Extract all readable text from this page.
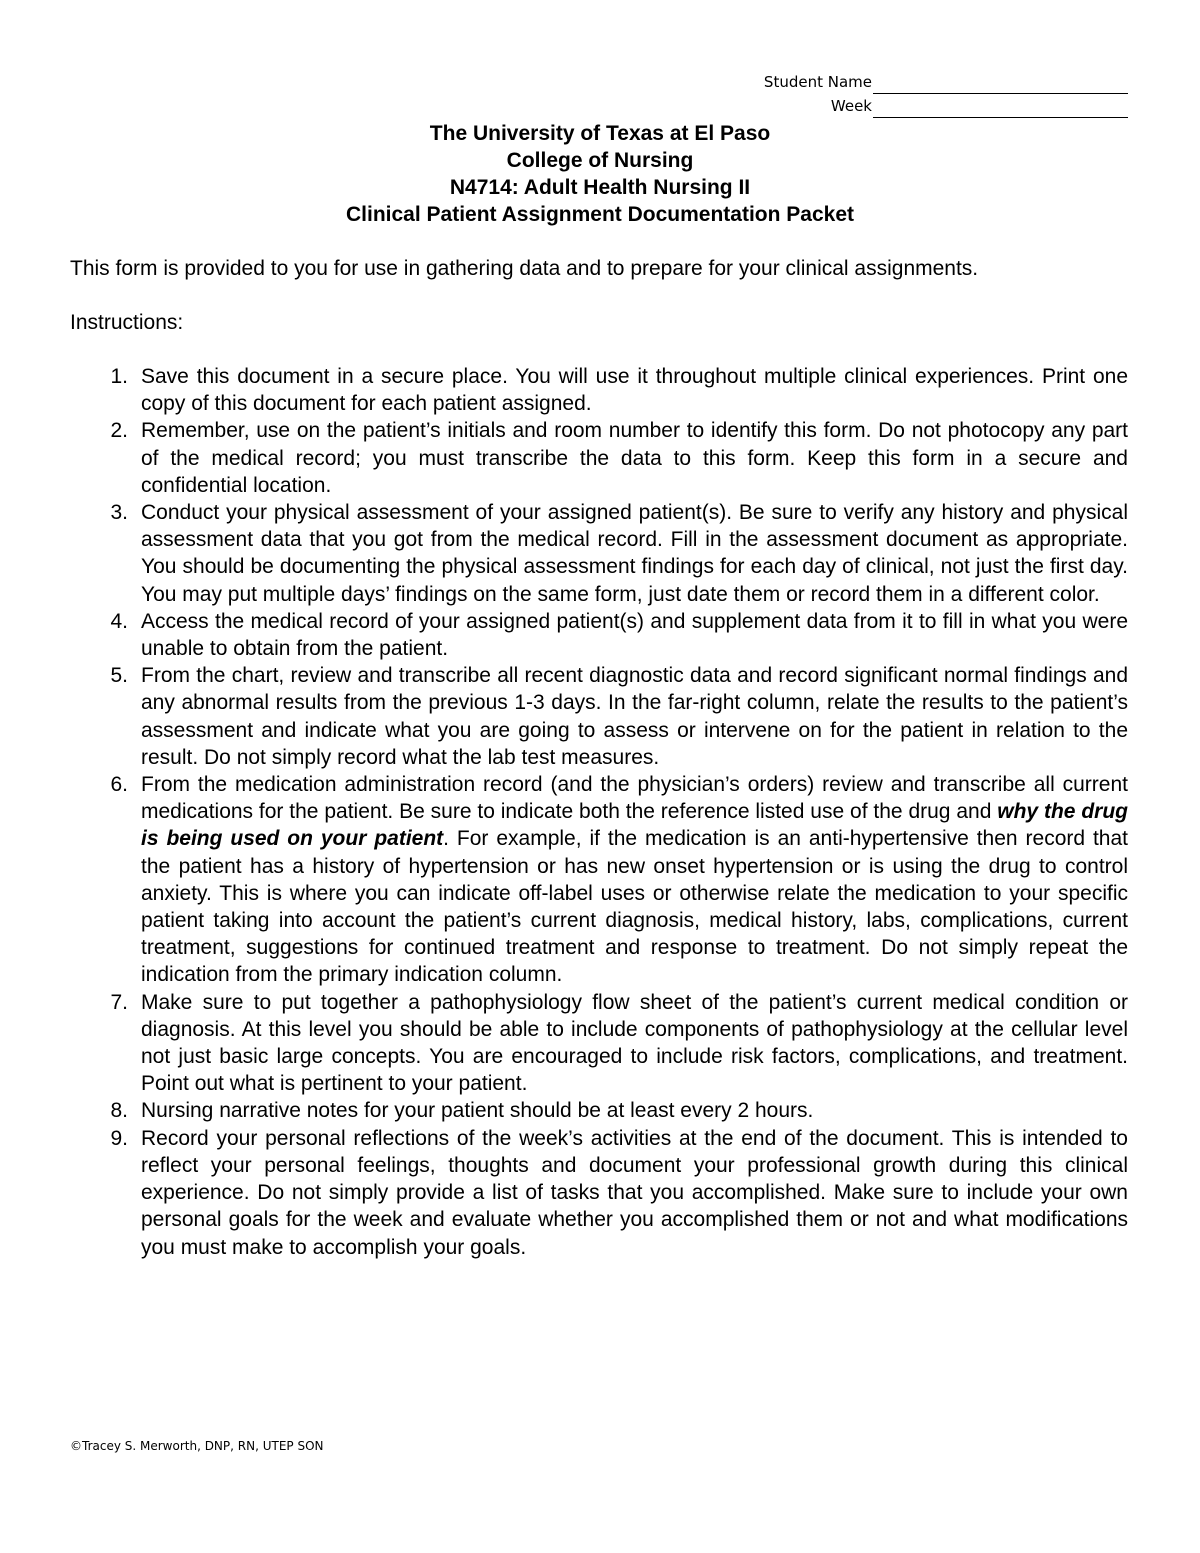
Student Name
Week
The University of Texas at El Paso
College of Nursing
N4714: Adult Health Nursing II
Clinical Patient Assignment Documentation Packet
This form is provided to you for use in gathering data and to prepare for your clinical assignments.
Instructions:
1 . Save this document in a secure place. You will use it throughout multiple clinical experiences. Print one copy of this document for each patient assigned.
2 . Remember, use on the patient’s initials and room number to identify this form. Do not photocopy any part of the medical record; you must transcribe the data to this form. Keep this form in a secure and confidential location.
3 . Conduct your physical assessment of your assigned patient(s). Be sure to verify any history and physical assessment data that you got from the medical record. Fill in the assessment document as appropriate. You should be documenting the physical assessment findings for each day of clinical, not just the first day. You may put multiple days’ findings on the same form, just date them or record them in a different color.
4 . Access the medical record of your assigned patient(s) and supplement data from it to fill in what you were unable to obtain from the patient.
5 . From the chart, review and transcribe all recent diagnostic data and record significant normal findings and any abnormal results from the previous 1-3 days. In the far-right column, relate the results to the patient’s assessment and indicate what you are going to assess or intervene on for the patient in relation to the result. Do not simply record what the lab test measures.
6 . From the medication administration record (and the physician’s orders) review and transcribe all current medications for the patient. Be sure to indicate both the reference listed use of the drug and why the drug is being used on your patient. For example, if the medication is an anti-hypertensive then record that the patient has a history of hypertension or has new onset hypertension or is using the drug to control anxiety. This is where you can indicate off-label uses or otherwise relate the medication to your specific patient taking into account the patient’s current diagnosis, medical history, labs, complications, current treatment, suggestions for continued treatment and response to treatment. Do not simply repeat the indication from the primary indication column.
7 . Make sure to put together a pathophysiology flow sheet of the patient’s current medical condition or diagnosis. At this level you should be able to include components of pathophysiology at the cellular level not just basic large concepts. You are encouraged to include risk factors, complications, and treatment. Point out what is pertinent to your patient.
8 . Nursing narrative notes for your patient should be at least every 2 hours.
9 . Record your personal reflections of the week’s activities at the end of the document. This is intended to reflect your personal feelings, thoughts and document your professional growth during this clinical experience. Do not simply provide a list of tasks that you accomplished. Make sure to include your own personal goals for the week and evaluate whether you accomplished them or not and what modifications you must make to accomplish your goals.
©Tracey S. Merworth, DNP, RN, UTEP SON
